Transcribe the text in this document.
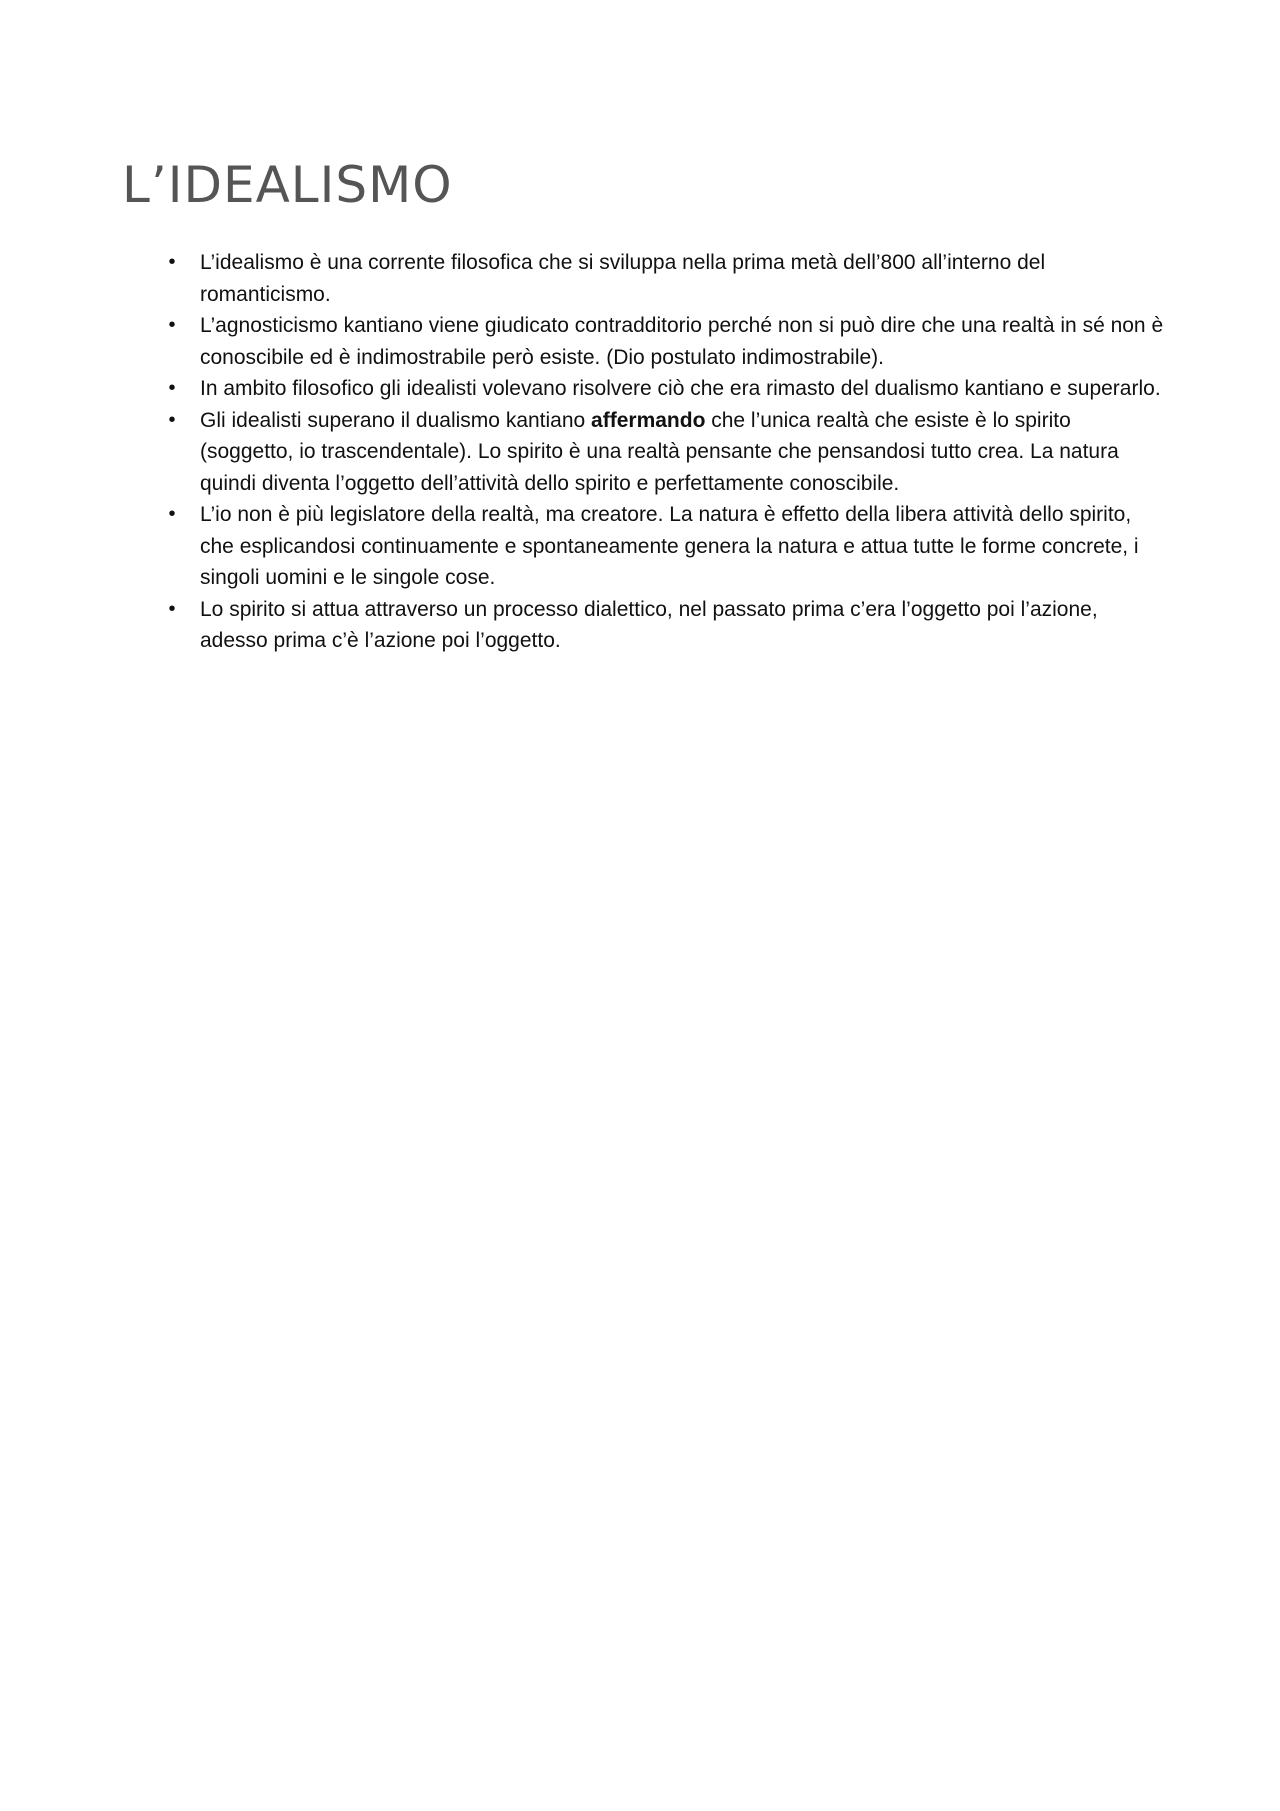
L’IDEALISMO
•	L’idealismo è una corrente filosofica che si sviluppa nella prima metà dell’800 all’interno del romanticismo.
•	L’agnosticismo kantiano viene giudicato contradditorio perché non si può dire che una realtà in sé non è conoscibile ed è indimostrabile però esiste. (Dio postulato indimostrabile).
•	In ambito filosofico gli idealisti volevano risolvere ciò che era rimasto del dualismo kantiano e superarlo.
•	Gli idealisti superano il dualismo kantiano affermando che l’unica realtà che esiste è lo spirito (soggetto, io trascendentale). Lo spirito è una realtà pensante che pensandosi tutto crea. La natura quindi diventa l’oggetto dell’attività dello spirito e perfettamente conoscibile.
•	L’io non è più legislatore della realtà, ma creatore. La natura è effetto della libera attività dello spirito, che esplicandosi continuamente e spontaneamente genera la natura e attua tutte le forme concrete, i singoli uomini e le singole cose.
•	Lo spirito si attua attraverso un processo dialettico, nel passato prima c’era l’oggetto poi l’azione, adesso prima c’è l’azione poi l’oggetto.
